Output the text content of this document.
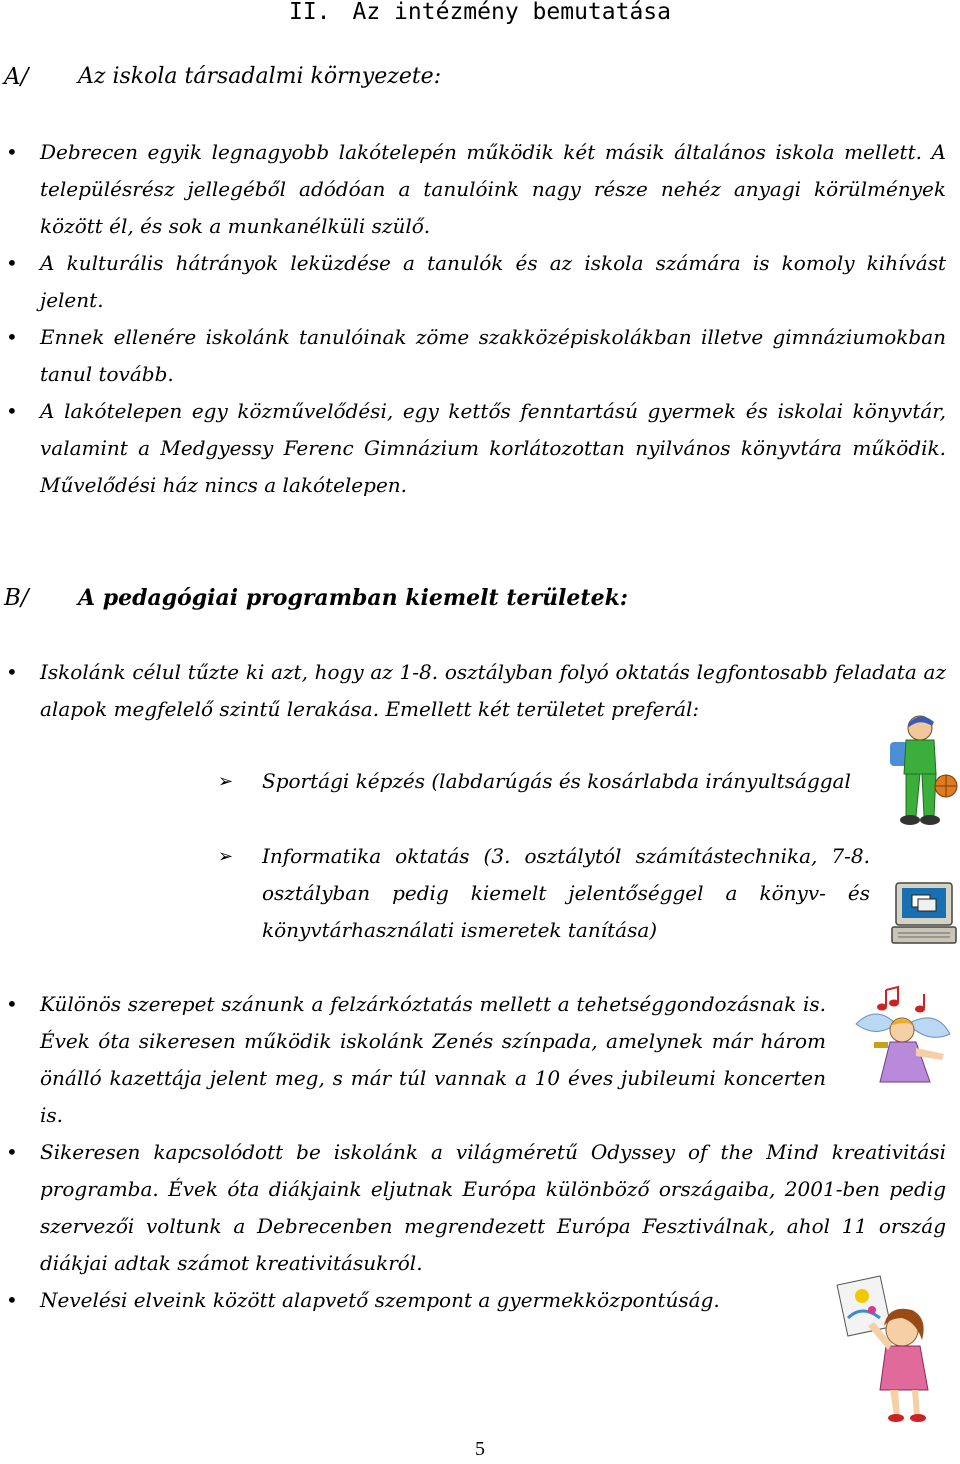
II. Az intézmény bemutatása
A/ Az iskola társadalmi környezete:
• Debrecen egyik legnagyobb lakótelepén működik két másik általános iskola mellett. A településrész jellegéből adódóan a tanulóink nagy része nehéz anyagi körülmények között él, és sok a munkanélküli szülő.
• A kulturális hátrányok leküzdése a tanulók és az iskola számára is komoly kihívást jelent.
• Ennek ellenére iskolánk tanulóinak zöme szakközépiskolákban illetve gimnáziumokban tanul tovább.
• A lakótelepen egy közművelődési, egy kettős fenntartású gyermek és iskolai könyvtár, valamint a Medgyessy Ferenc Gimnázium korlátozottan nyilvános könyvtára működik. Művelődési ház nincs a lakótelepen.
B/ A pedagógiai programban kiemelt területek:
• Iskolánk célul tűzte ki azt, hogy az 1-8. osztályban folyó oktatás legfontosabb feladata az alapok megfelelő szintű lerakása. Emellett két területet preferál:
➢ Sportági képzés (labdarúgás és kosárlabda irányultsággal
➢ Informatika oktatás (3. osztálytól számítástechnika, 7-8. osztályban pedig kiemelt jelentőséggel a könyv- és könyvtárhasználati ismeretek tanítása)
• Különös szerepet szánunk a felzárkóztatás mellett a tehetséggondozásnak is. Évek óta sikeresen működik iskolánk Zenés színpada, amelynek már három önálló kazettája jelent meg, s már túl vannak a 10 éves jubileumi koncerten is.
• Sikeresen kapcsolódott be iskolánk a világméretű Odyssey of the Mind kreativitási programba. Évek óta diákjaink eljutnak Európa különböző országaiba, 2001-ben pedig szervezői voltunk a Debrecenben megrendezett Európa Fesztiválnak, ahol 11 ország diákjai adtak számot kreativitásukról.
• Nevelési elveink között alapvető szempont a gyermekközpontúság.
5
